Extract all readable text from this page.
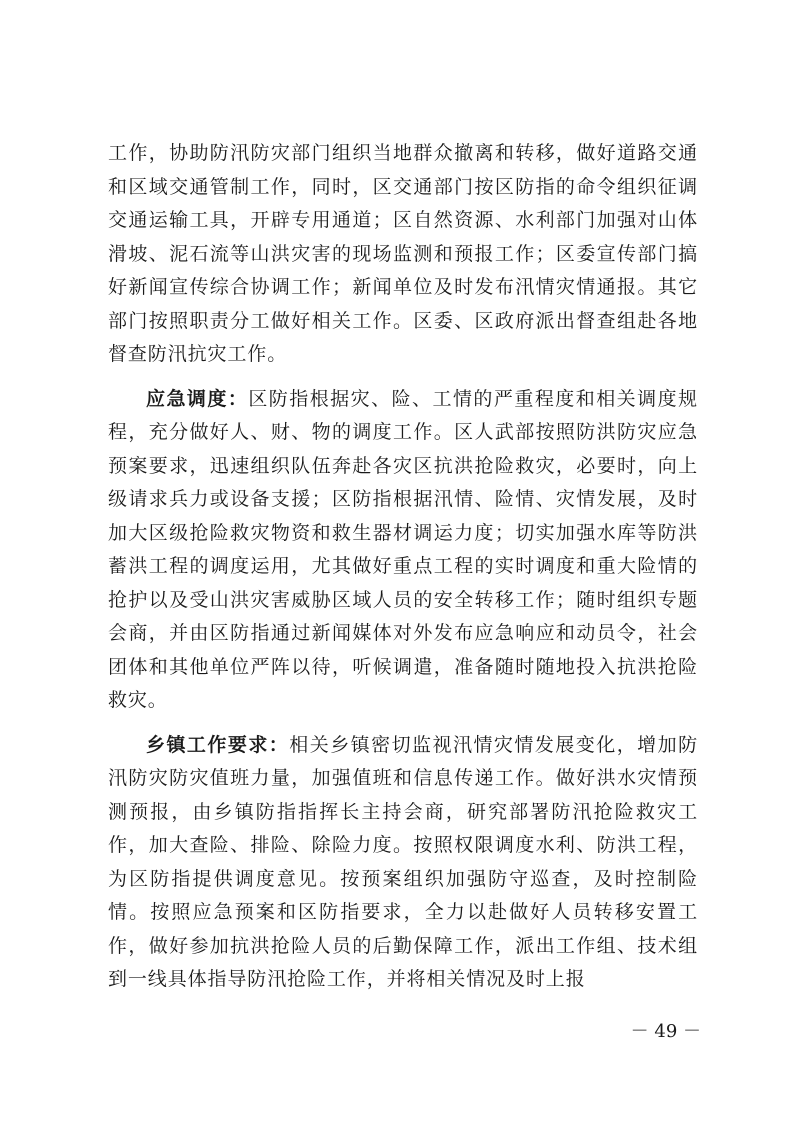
工作，协助防汛防灾部门组织当地群众撤离和转移，做好道路交通和区域交通管制工作，同时，区交通部门按区防指的命令组织征调交通运输工具，开辟专用通道；区自然资源、水利部门加强对山体滑坡、泥石流等山洪灾害的现场监测和预报工作；区委宣传部门搞好新闻宣传综合协调工作；新闻单位及时发布汛情灾情通报。其它部门按照职责分工做好相关工作。区委、区政府派出督查组赴各地督查防汛抗灾工作。

应急调度：区防指根据灾、险、工情的严重程度和相关调度规程，充分做好人、财、物的调度工作。区人武部按照防洪防灾应急预案要求，迅速组织队伍奔赴各灾区抗洪抢险救灾，必要时，向上级请求兵力或设备支援；区防指根据汛情、险情、灾情发展，及时加大区级抢险救灾物资和救生器材调运力度；切实加强水库等防洪蓄洪工程的调度运用，尤其做好重点工程的实时调度和重大险情的抢护以及受山洪灾害威胁区域人员的安全转移工作；随时组织专题会商，并由区防指通过新闻媒体对外发布应急响应和动员令，社会团体和其他单位严阵以待，听候调遣，准备随时随地投入抗洪抢险救灾。

乡镇工作要求：相关乡镇密切监视汛情灾情发展变化，增加防汛防灾防灾值班力量，加强值班和信息传递工作。做好洪水灾情预测预报，由乡镇防指指挥长主持会商，研究部署防汛抢险救灾工作，加大查险、排险、除险力度。按照权限调度水利、防洪工程，为区防指提供调度意见。按预案组织加强防守巡查，及时控制险情。按照应急预案和区防指要求，全力以赴做好人员转移安置工作，做好参加抗洪抢险人员的后勤保障工作，派出工作组、技术组到一线具体指导防汛抢险工作，并将相关情况及时上报

－ 49 －
